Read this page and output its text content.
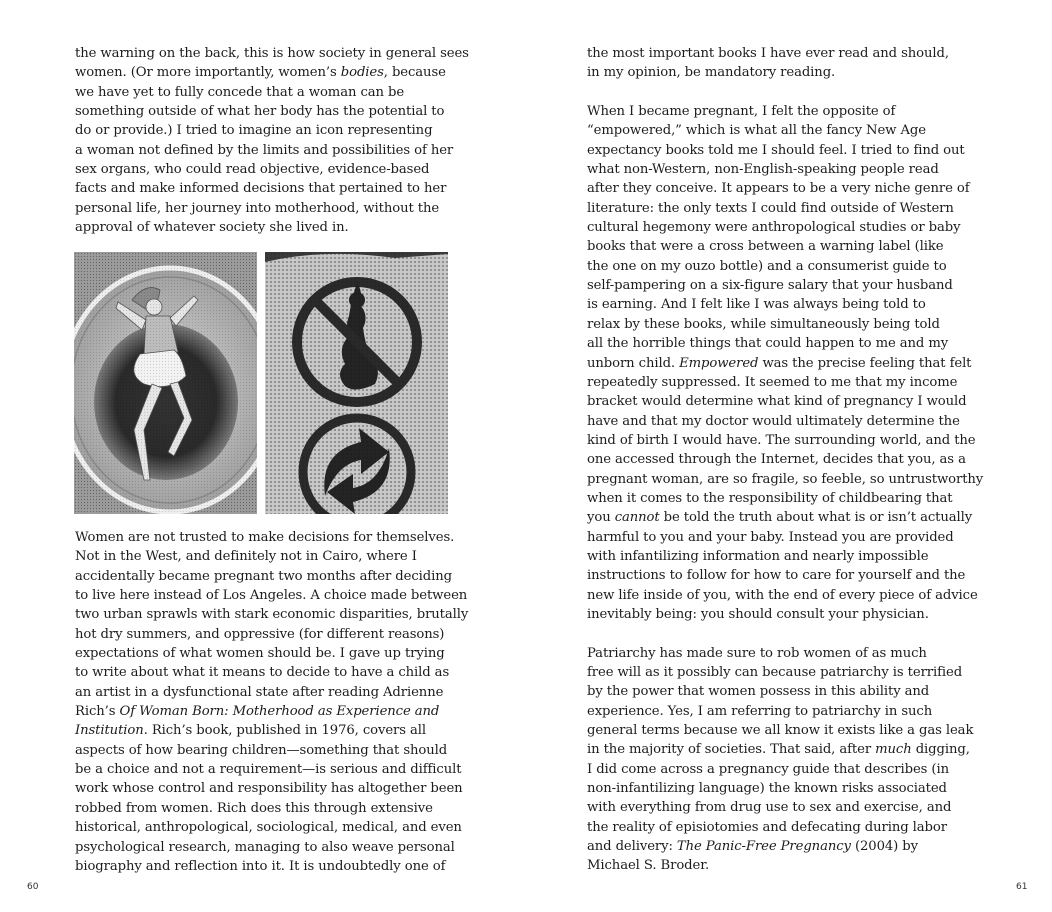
the warning on the back, this is how society in general sees
women. (Or more importantly, women’s bodies, because
we have yet to fully concede that a woman can be
something outside of what her body has the potential to
do or provide.) I tried to imagine an icon representing
a woman not defined by the limits and possibilities of her
sex organs, who could read objective, evidence-based
facts and make informed decisions that pertained to her
personal life, her journey into motherhood, without the
approval of whatever society she lived in.
Women are not trusted to make decisions for themselves.
Not in the West, and definitely not in Cairo, where I
accidentally became pregnant two months after deciding
to live here instead of Los Angeles. A choice made between
two urban sprawls with stark economic disparities, brutally
hot dry summers, and oppressive (for different reasons)
expectations of what women should be. I gave up trying
to write about what it means to decide to have a child as
an artist in a dysfunctional state after reading Adrienne
Rich’s Of Woman Born: Motherhood as Experience and
Institution. Rich’s book, published in 1976, covers all
aspects of how bearing children—something that should
be a choice and not a requirement—is serious and difficult
work whose control and responsibility has altogether been
robbed from women. Rich does this through extensive
historical, anthropological, sociological, medical, and even
psychological research, managing to also weave personal
biography and reflection into it. It is undoubtedly one of
the most important books I have ever read and should,
in my opinion, be mandatory reading.
When I became pregnant, I felt the opposite of
“empowered,” which is what all the fancy New Age
expectancy books told me I should feel. I tried to find out
what non-Western, non-English-speaking people read
after they conceive. It appears to be a very niche genre of
literature: the only texts I could find outside of Western
cultural hegemony were anthropological studies or baby
books that were a cross between a warning label (like
the one on my ouzo bottle) and a consumerist guide to
self-pampering on a six-figure salary that your husband
is earning. And I felt like I was always being told to
relax by these books, while simultaneously being told
all the horrible things that could happen to me and my
unborn child. Empowered was the precise feeling that felt
repeatedly suppressed. It seemed to me that my income
bracket would determine what kind of pregnancy I would
have and that my doctor would ultimately determine the
kind of birth I would have. The surrounding world, and the
one accessed through the Internet, decides that you, as a
pregnant woman, are so fragile, so feeble, so untrustworthy
when it comes to the responsibility of childbearing that
you cannot be told the truth about what is or isn’t actually
harmful to you and your baby. Instead you are provided
with infantilizing information and nearly impossible
instructions to follow for how to care for yourself and the
new life inside of you, with the end of every piece of advice
inevitably being: you should consult your physician.
Patriarchy has made sure to rob women of as much
free will as it possibly can because patriarchy is terrified
by the power that women possess in this ability and
experience. Yes, I am referring to patriarchy in such
general terms because we all know it exists like a gas leak
in the majority of societies. That said, after much digging,
I did come across a pregnancy guide that describes (in
non-infantilizing language) the known risks associated
with everything from drug use to sex and exercise, and
the reality of episiotomies and defecating during labor
and delivery: The Panic-Free Pregnancy (2004) by
Michael S. Broder.
60	61
